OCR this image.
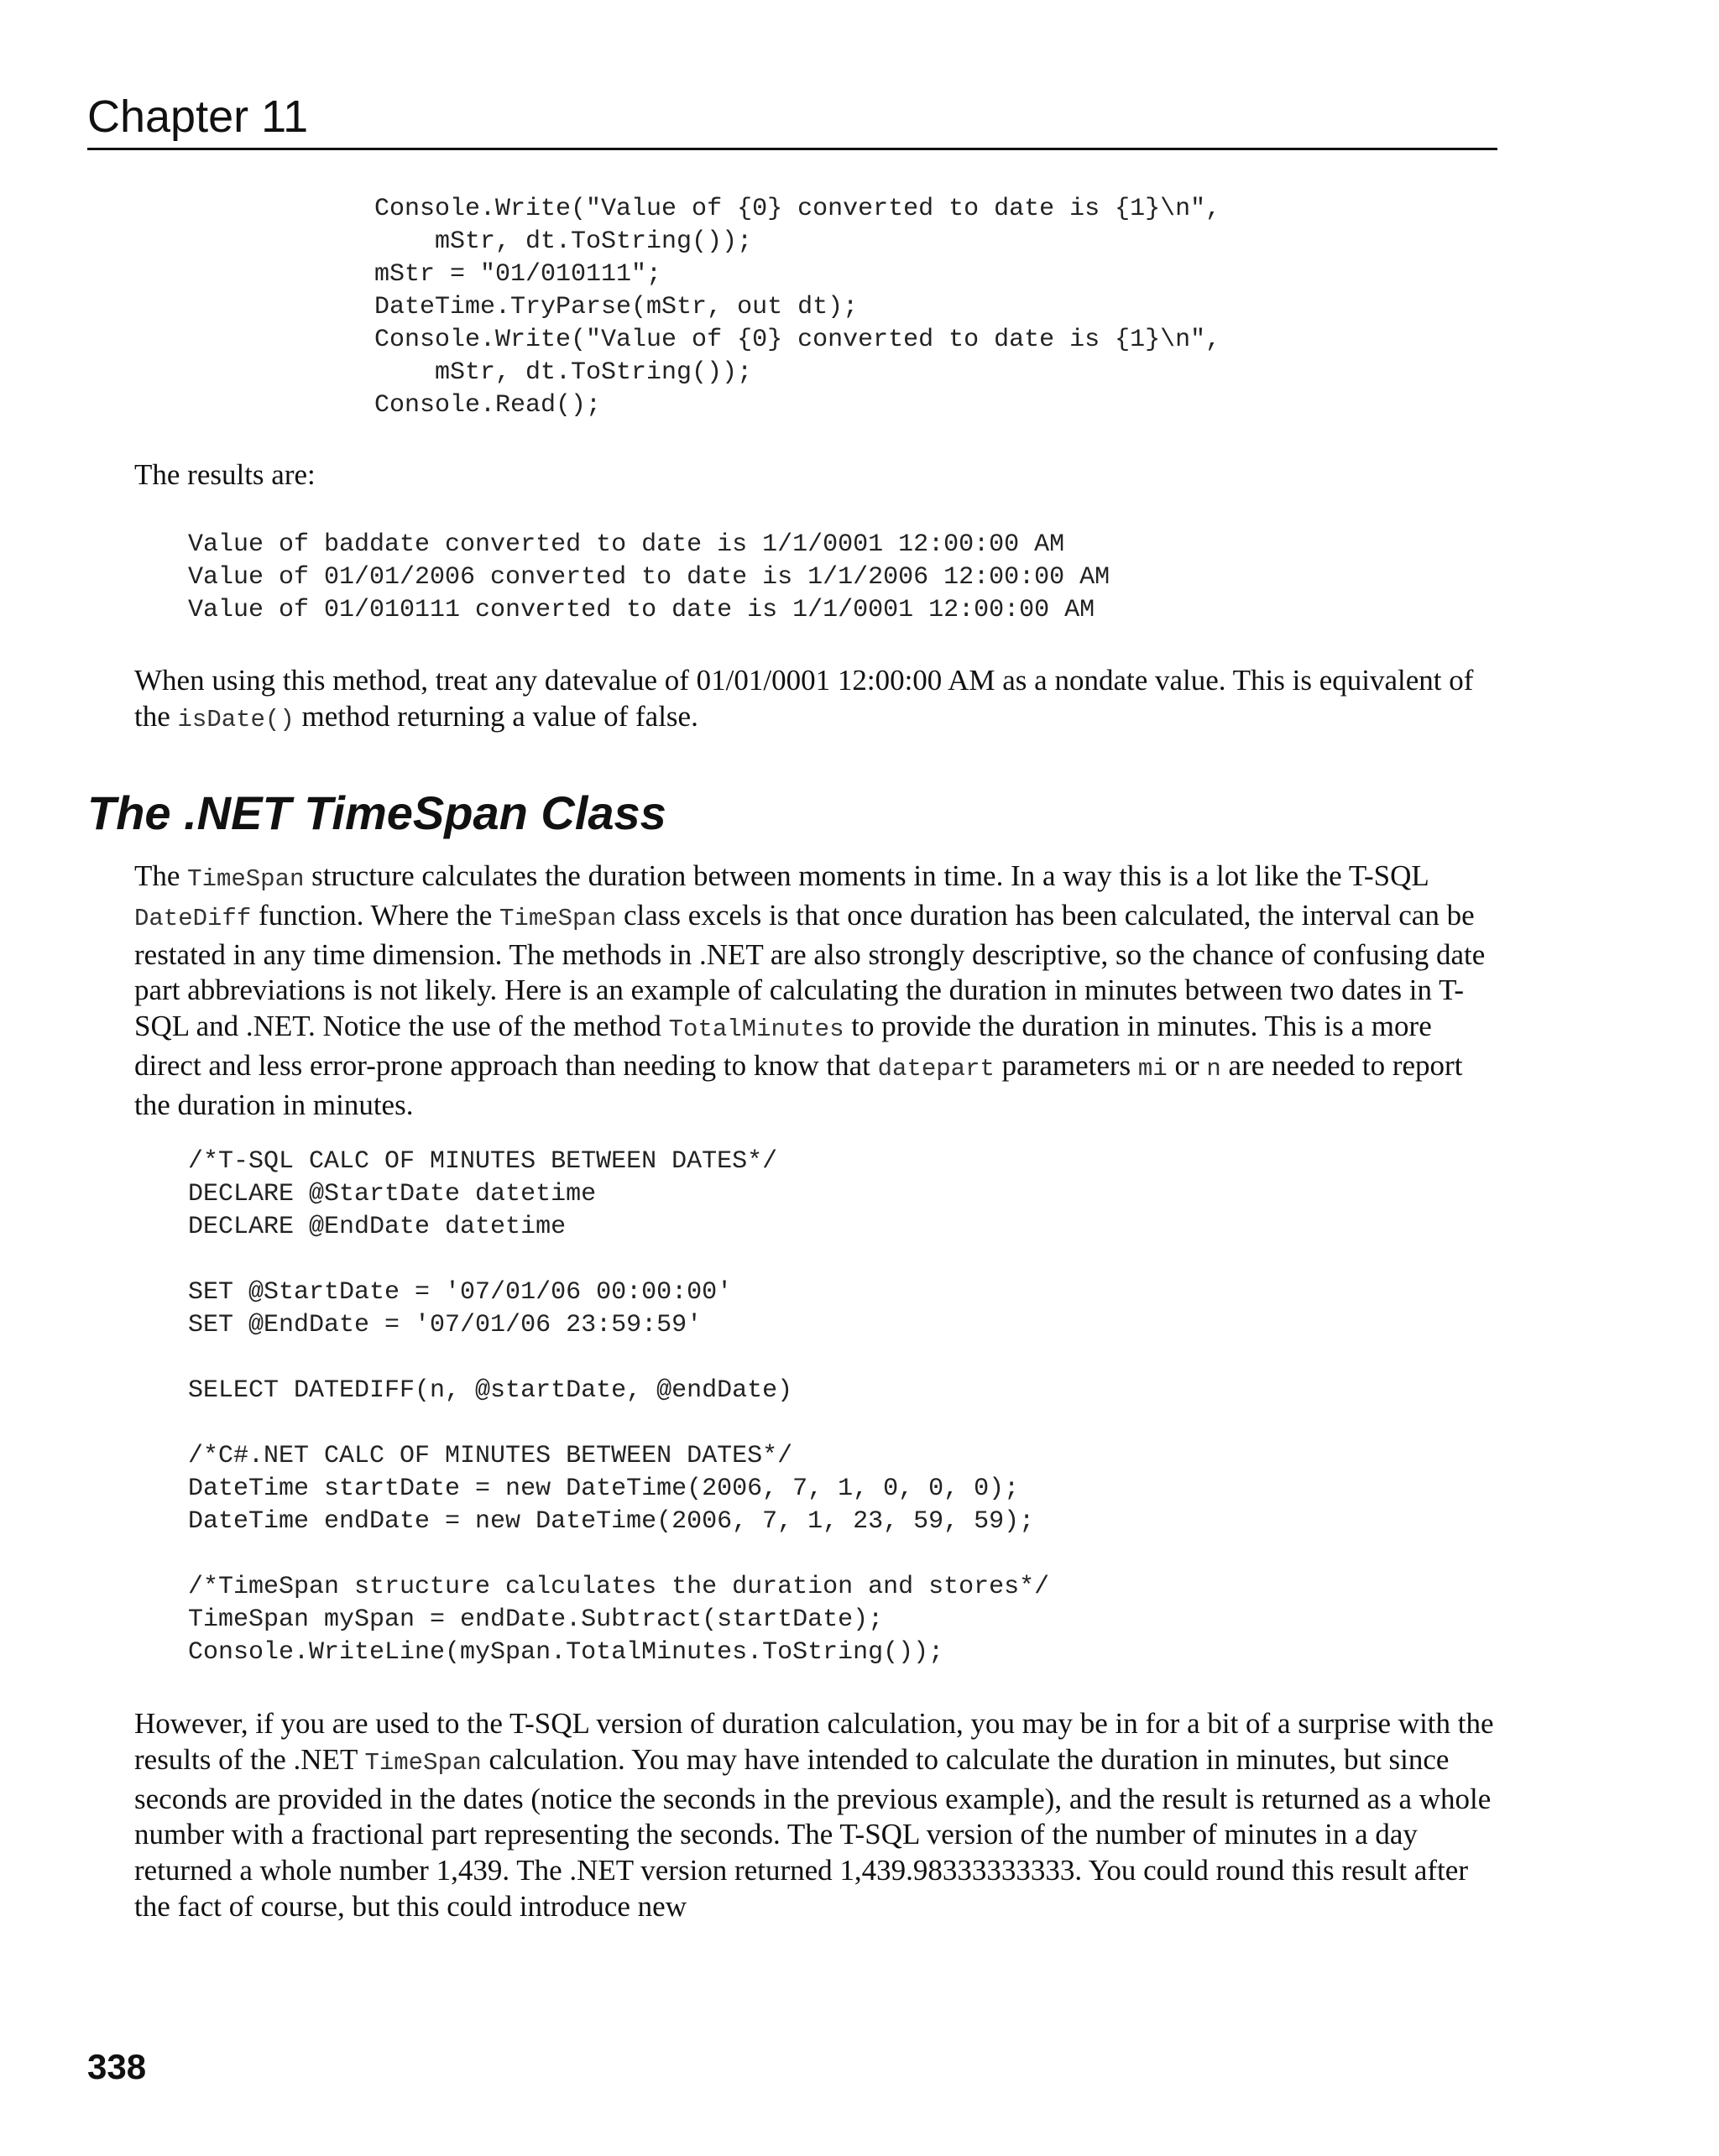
Chapter 11
Console.Write("Value of {0} converted to date is {1}\n",
mStr, dt.ToString());
mStr = "01/010111";
DateTime.TryParse(mStr, out dt);
Console.Write("Value of {0} converted to date is {1}\n",
mStr, dt.ToString());
Console.Read();

The results are:

Value of baddate converted to date is 1/1/0001 12:00:00 AM
Value of 01/01/2006 converted to date is 1/1/2006 12:00:00 AM
Value of 01/010111 converted to date is 1/1/0001 12:00:00 AM

When using this method, treat any datevalue of 01/01/0001 12:00:00 AM as a nondate value. This is equivalent of the isDate() method returning a value of false.

The .NET TimeSpan Class

The TimeSpan structure calculates the duration between moments in time. In a way this is a lot like the T-SQL DateDiff function. Where the TimeSpan class excels is that once duration has been calculated, the interval can be restated in any time dimension. The methods in .NET are also strongly descriptive, so the chance of confusing date part abbreviations is not likely. Here is an example of calculating the duration in minutes between two dates in T-SQL and .NET. Notice the use of the method TotalMinutes to provide the duration in minutes. This is a more direct and less error-prone approach than needing to know that datepart parameters mi or n are needed to report the duration in minutes.

/*T-SQL CALC OF MINUTES BETWEEN DATES*/
DECLARE @StartDate datetime
DECLARE @EndDate datetime

SET @StartDate = '07/01/06 00:00:00'
SET @EndDate = '07/01/06 23:59:59'

SELECT DATEDIFF(n, @startDate, @endDate)

/*C#.NET CALC OF MINUTES BETWEEN DATES*/
DateTime startDate = new DateTime(2006, 7, 1, 0, 0, 0);
DateTime endDate = new DateTime(2006, 7, 1, 23, 59, 59);

/*TimeSpan structure calculates the duration and stores*/
TimeSpan mySpan = endDate.Subtract(startDate);
Console.WriteLine(mySpan.TotalMinutes.ToString());

However, if you are used to the T-SQL version of duration calculation, you may be in for a bit of a surprise with the results of the .NET TimeSpan calculation. You may have intended to calculate the duration in minutes, but since seconds are provided in the dates (notice the seconds in the previous example), and the result is returned as a whole number with a fractional part representing the seconds. The T-SQL version of the number of minutes in a day returned a whole number 1,439. The .NET version returned 1,439.98333333333. You could round this result after the fact of course, but this could introduce new

338
